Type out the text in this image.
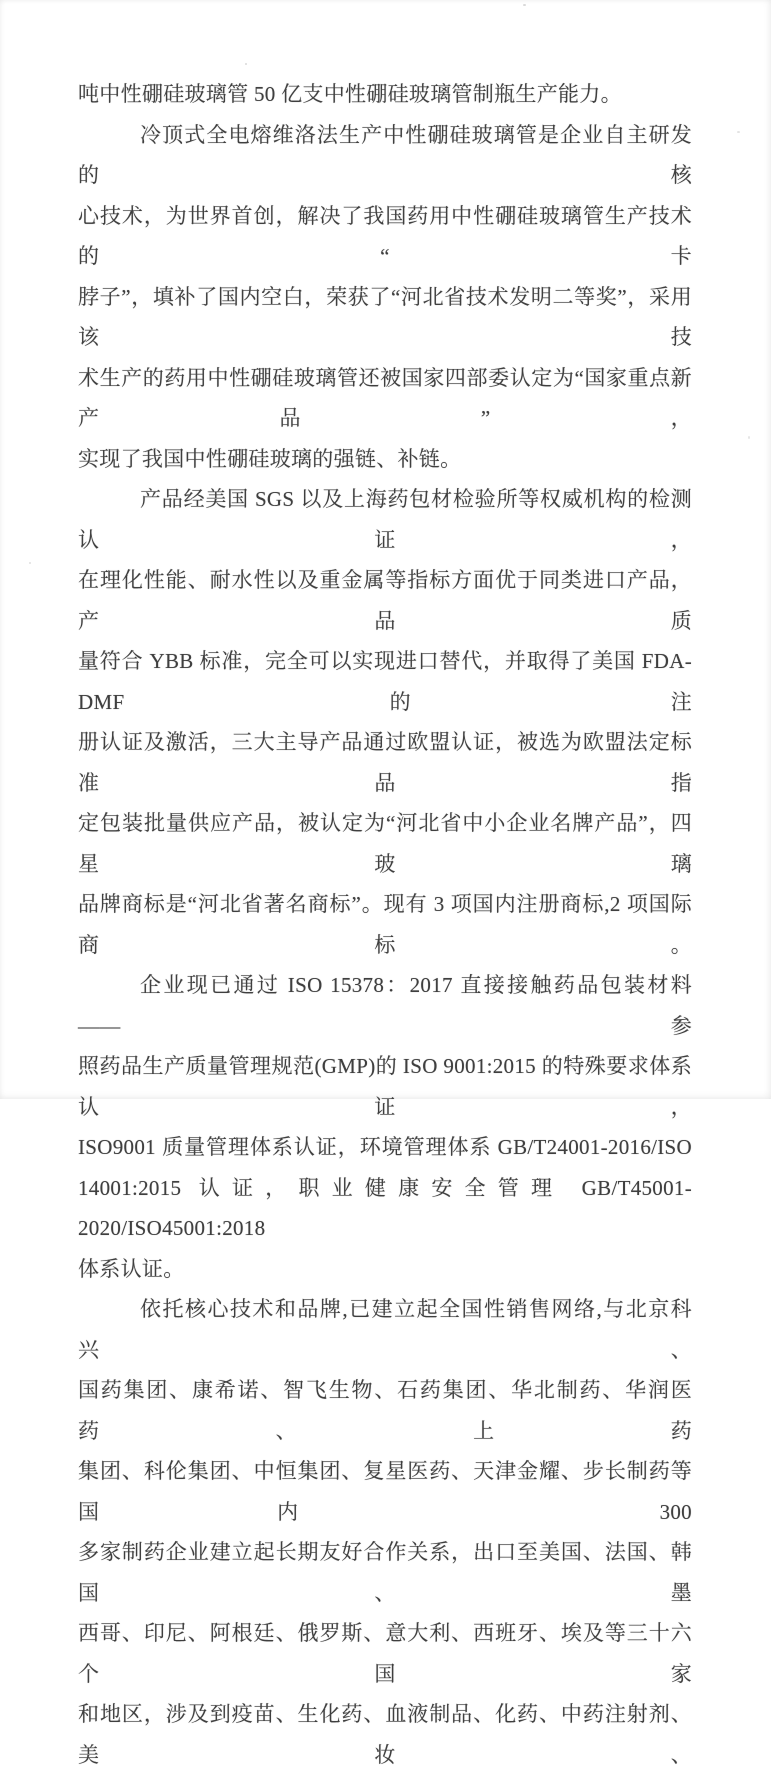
吨中性硼硅玻璃管 50 亿支中性硼硅玻璃管制瓶生产能力。
冷顶式全电熔维洛法生产中性硼硅玻璃管是企业自主研发的核
心技术，为世界首创，解决了我国药用中性硼硅玻璃管生产技术的“卡
脖子”，填补了国内空白，荣获了“河北省技术发明二等奖”，采用该技
术生产的药用中性硼硅玻璃管还被国家四部委认定为“国家重点新产品”，
实现了我国中性硼硅玻璃的强链、补链。
产品经美国 SGS 以及上海药包材检验所等权威机构的检测认证，
在理化性能、耐水性以及重金属等指标方面优于同类进口产品，产品质
量符合 YBB 标准，完全可以实现进口替代，并取得了美国 FDA-DMF 的注
册认证及激活，三大主导产品通过欧盟认证，被选为欧盟法定标准品指
定包装批量供应产品，被认定为“河北省中小企业名牌产品”，四星玻璃
品牌商标是“河北省著名商标”。现有 3 项国内注册商标,2 项国际商标。
企业现已通过 ISO 15378：2017 直接接触药品包装材料——参
照药品生产质量管理规范(GMP)的 ISO 9001:2015 的特殊要求体系认证，
ISO9001 质量管理体系认证，环境管理体系 GB/T24001-2016/ISO
14001:2015 认证，职业健康安全管理 GB/T45001-2020/ISO45001:2018
体系认证。
依托核心技术和品牌,已建立起全国性销售网络,与北京科兴、
国药集团、康希诺、智飞生物、石药集团、华北制药、华润医药、上药
集团、科伦集团、中恒集团、复星医药、天津金耀、步长制药等国内 300
多家制药企业建立起长期友好合作关系，出口至美国、法国、韩国、墨
西哥、印尼、阿根廷、俄罗斯、意大利、西班牙、埃及等三十六个国家
和地区，涉及到疫苗、生化药、血液制品、化药、中药注射剂、美妆、
